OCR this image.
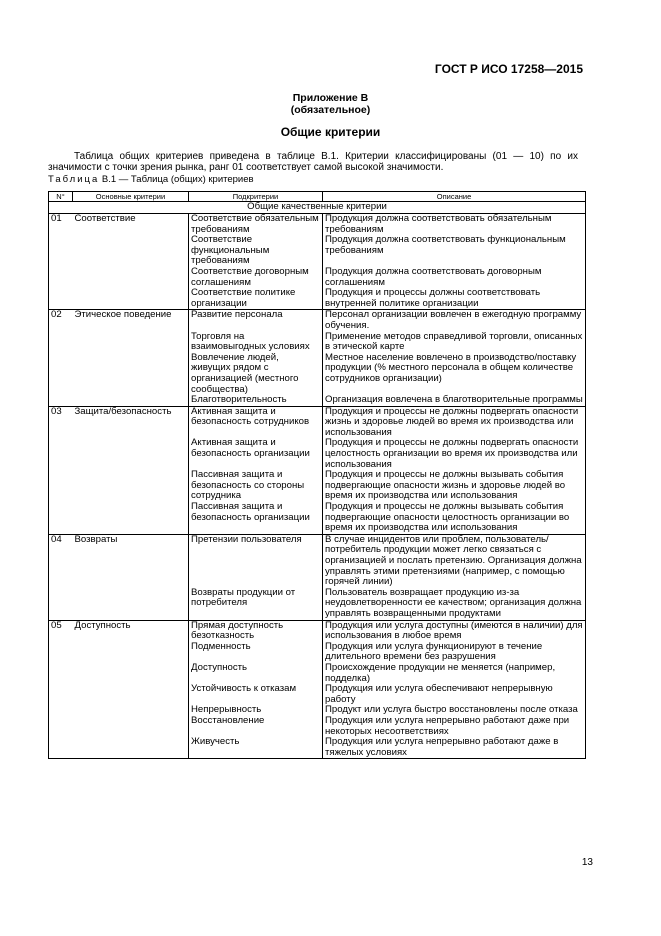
ГОСТ Р ИСО 17258—2015
Приложение В
(обязательное)
Общие критерии
Таблица общих критериев приведена в таблице В.1. Критерии классифицированы (01 — 10) по их значимости с точки зрения рынка, ранг 01 соответствует самой высокой значимости.
Таблица В.1 — Таблица (общих) критериев
N°	Основные критерии	Подкритерии	Описание
Общие качественные критерии			
01	Соответствие	Соответствие обязательным требованиям	Продукция должна соответствовать обязательным требованиям
		Соответствие функциональным требованиям	Продукция должна соответствовать функциональным требованиям
		Соответствие договорным соглашениям	Продукция должна соответствовать договорным соглашениям
		Соответствие политике организации	Продукция и процессы должны соответствовать внутренней политике организации
02	Этическое поведение	Развитие персонала	Персонал организации вовлечен в ежегодную программу обучения.
		Торговля на взаимовыгодных условиях	Применение методов справедливой торговли, описанных в этической карте
		Вовлечение людей, живущих рядом с организацией (местного сообщества)	Местное население вовлечено в производство/поставку продукции (% местного персонала в общем количестве сотрудников организации)
		Благотворительность	Организация вовлечена в благотворительные программы
03	Защита/безопасность	Активная защита и безопасность сотрудников	Продукция и процессы не должны подвергать опасности жизнь и здоровье людей во время их производства или использования
		Активная защита и безопасность организации	Продукция и процессы не должны подвергать опасности целостность организации во время их производства или использования
		Пассивная защита и безопасность со стороны сотрудника	Продукция и процессы не должны вызывать события подвергающие опасности жизнь и здоровье людей во время их производства или использования
		Пассивная защита и безопасность организации	Продукция и процессы не должны вызывать события подвергающие опасности целостность организации во время их производства или использования
04	Возвраты	Претензии пользователя	В случае инцидентов или проблем, пользователь/потребитель продукции может легко связаться с организацией и послать претензию. Организация должна управлять этими претензиями (например, с помощью горячей линии)
		Возвраты продукции от потребителя	Пользователь возвращает продукцию из-за неудовлетворенности ее качеством; организация должна управлять возвращенными продуктами
05	Доступность	Прямая доступность безотказность	Продукция или услуга доступны (имеются в наличии) для использования в любое время
		Подменность	Продукция или услуга функционируют в течение длительного времени без разрушения
		Доступность	Происхождение продукции не меняется (например, подделка)
		Устойчивость к отказам	Продукция или услуга обеспечивают непрерывную работу
		Непрерывность	Продукт или услуга быстро восстановлены после отказа
		Восстановление	Продукция или услуга непрерывно работают даже при некоторых несоответствиях
		Живучесть	Продукция или услуга непрерывно работают даже в тяжелых условиях
13
